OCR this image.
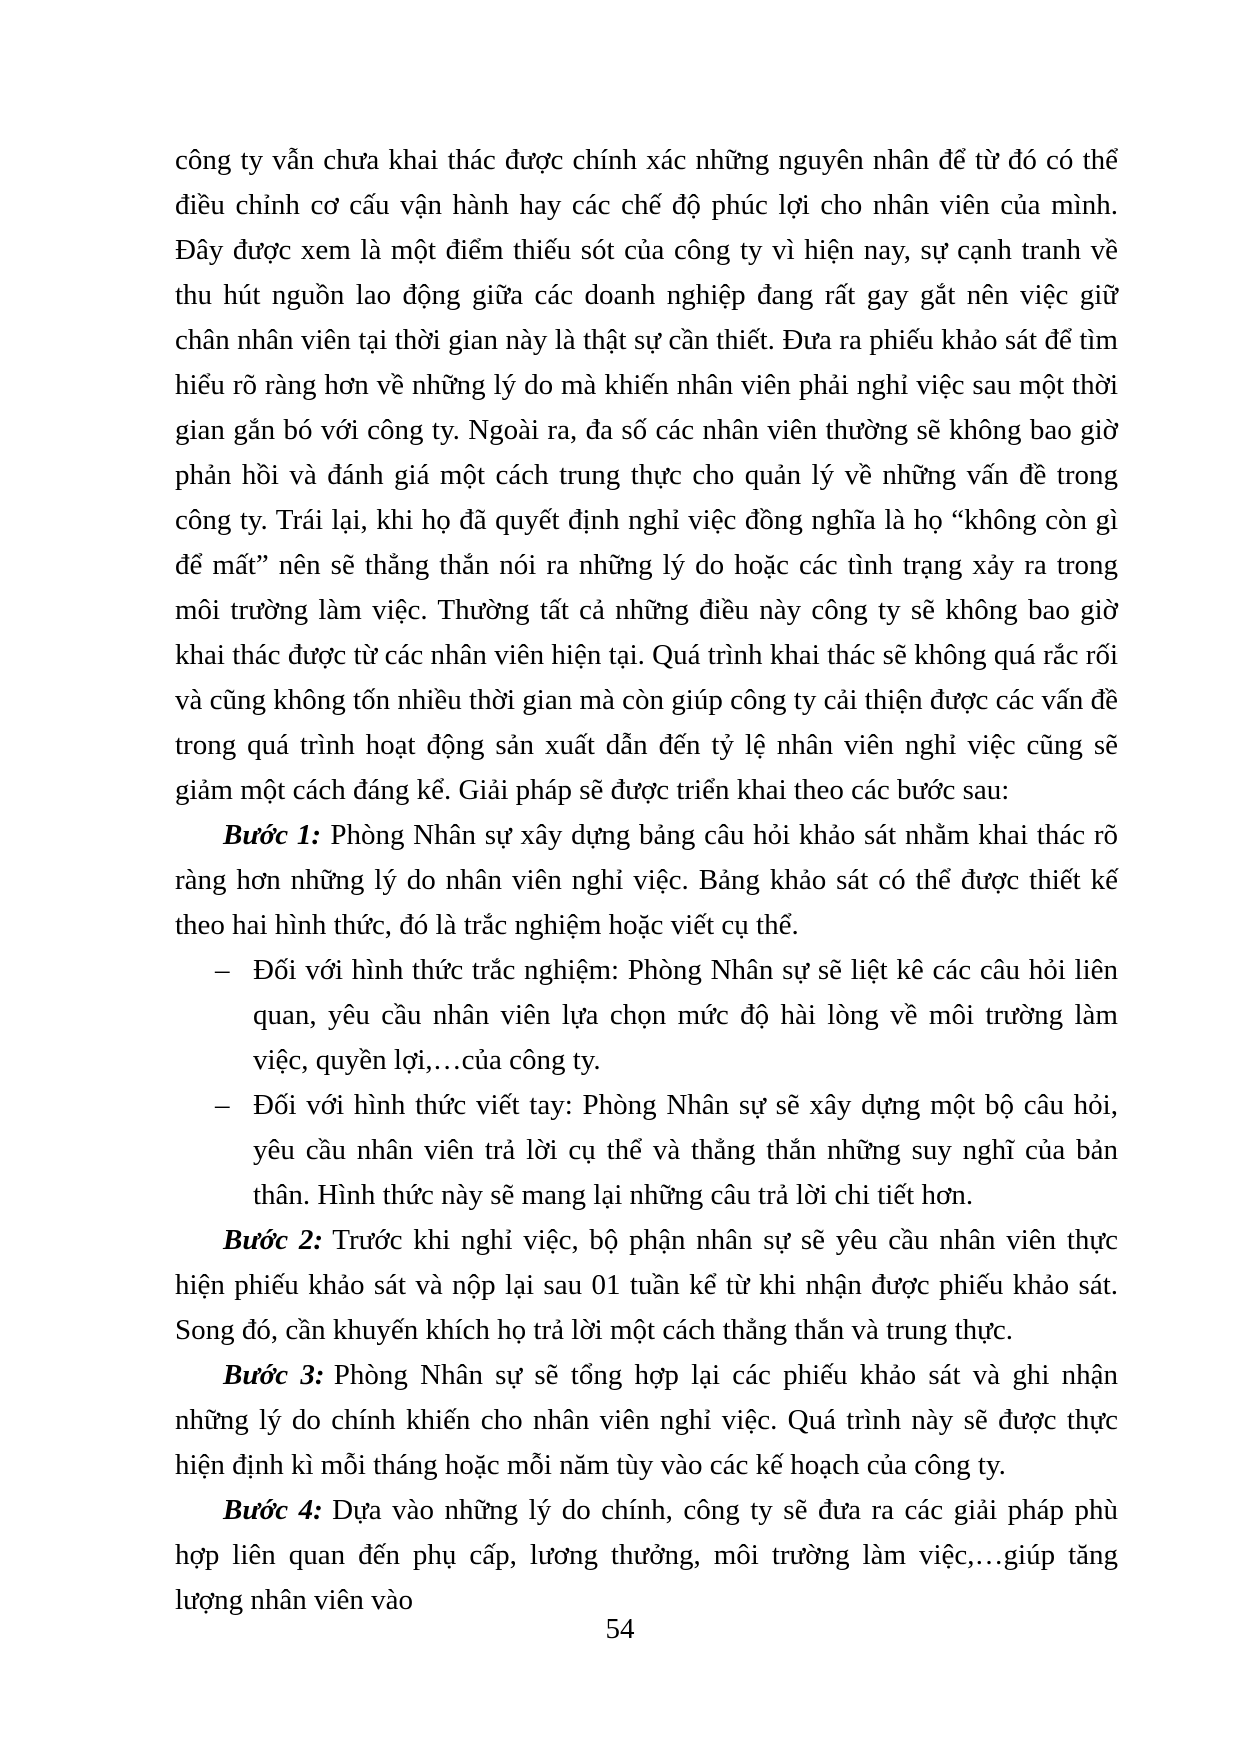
công ty vẫn chưa khai thác được chính xác những nguyên nhân để từ đó có thể điều chỉnh cơ cấu vận hành hay các chế độ phúc lợi cho nhân viên của mình. Đây được xem là một điểm thiếu sót của công ty vì hiện nay, sự cạnh tranh về thu hút nguồn lao động giữa các doanh nghiệp đang rất gay gắt nên việc giữ chân nhân viên tại thời gian này là thật sự cần thiết. Đưa ra phiếu khảo sát để tìm hiểu rõ ràng hơn về những lý do mà khiến nhân viên phải nghỉ việc sau một thời gian gắn bó với công ty. Ngoài ra, đa số các nhân viên thường sẽ không bao giờ phản hồi và đánh giá một cách trung thực cho quản lý về những vấn đề trong công ty. Trái lại, khi họ đã quyết định nghỉ việc đồng nghĩa là họ “không còn gì để mất” nên sẽ thẳng thắn nói ra những lý do hoặc các tình trạng xảy ra trong môi trường làm việc. Thường tất cả những điều này công ty sẽ không bao giờ khai thác được từ các nhân viên hiện tại. Quá trình khai thác sẽ không quá rắc rối và cũng không tốn nhiều thời gian mà còn giúp công ty cải thiện được các vấn đề trong quá trình hoạt động sản xuất dẫn đến tỷ lệ nhân viên nghỉ việc cũng sẽ giảm một cách đáng kể. Giải pháp sẽ được triển khai theo các bước sau:

Bước 1: Phòng Nhân sự xây dựng bảng câu hỏi khảo sát nhằm khai thác rõ ràng hơn những lý do nhân viên nghỉ việc. Bảng khảo sát có thể được thiết kế theo hai hình thức, đó là trắc nghiệm hoặc viết cụ thể.

– Đối với hình thức trắc nghiệm: Phòng Nhân sự sẽ liệt kê các câu hỏi liên quan, yêu cầu nhân viên lựa chọn mức độ hài lòng về môi trường làm việc, quyền lợi,…của công ty.
– Đối với hình thức viết tay: Phòng Nhân sự sẽ xây dựng một bộ câu hỏi, yêu cầu nhân viên trả lời cụ thể và thẳng thắn những suy nghĩ của bản thân. Hình thức này sẽ mang lại những câu trả lời chi tiết hơn.

Bước 2: Trước khi nghỉ việc, bộ phận nhân sự sẽ yêu cầu nhân viên thực hiện phiếu khảo sát và nộp lại sau 01 tuần kể từ khi nhận được phiếu khảo sát. Song đó, cần khuyến khích họ trả lời một cách thẳng thắn và trung thực.

Bước 3: Phòng Nhân sự sẽ tổng hợp lại các phiếu khảo sát và ghi nhận những lý do chính khiến cho nhân viên nghỉ việc. Quá trình này sẽ được thực hiện định kì mỗi tháng hoặc mỗi năm tùy vào các kế hoạch của công ty.

Bước 4: Dựa vào những lý do chính, công ty sẽ đưa ra các giải pháp phù hợp liên quan đến phụ cấp, lương thưởng, môi trường làm việc,…giúp tăng lượng nhân viên vào

54
